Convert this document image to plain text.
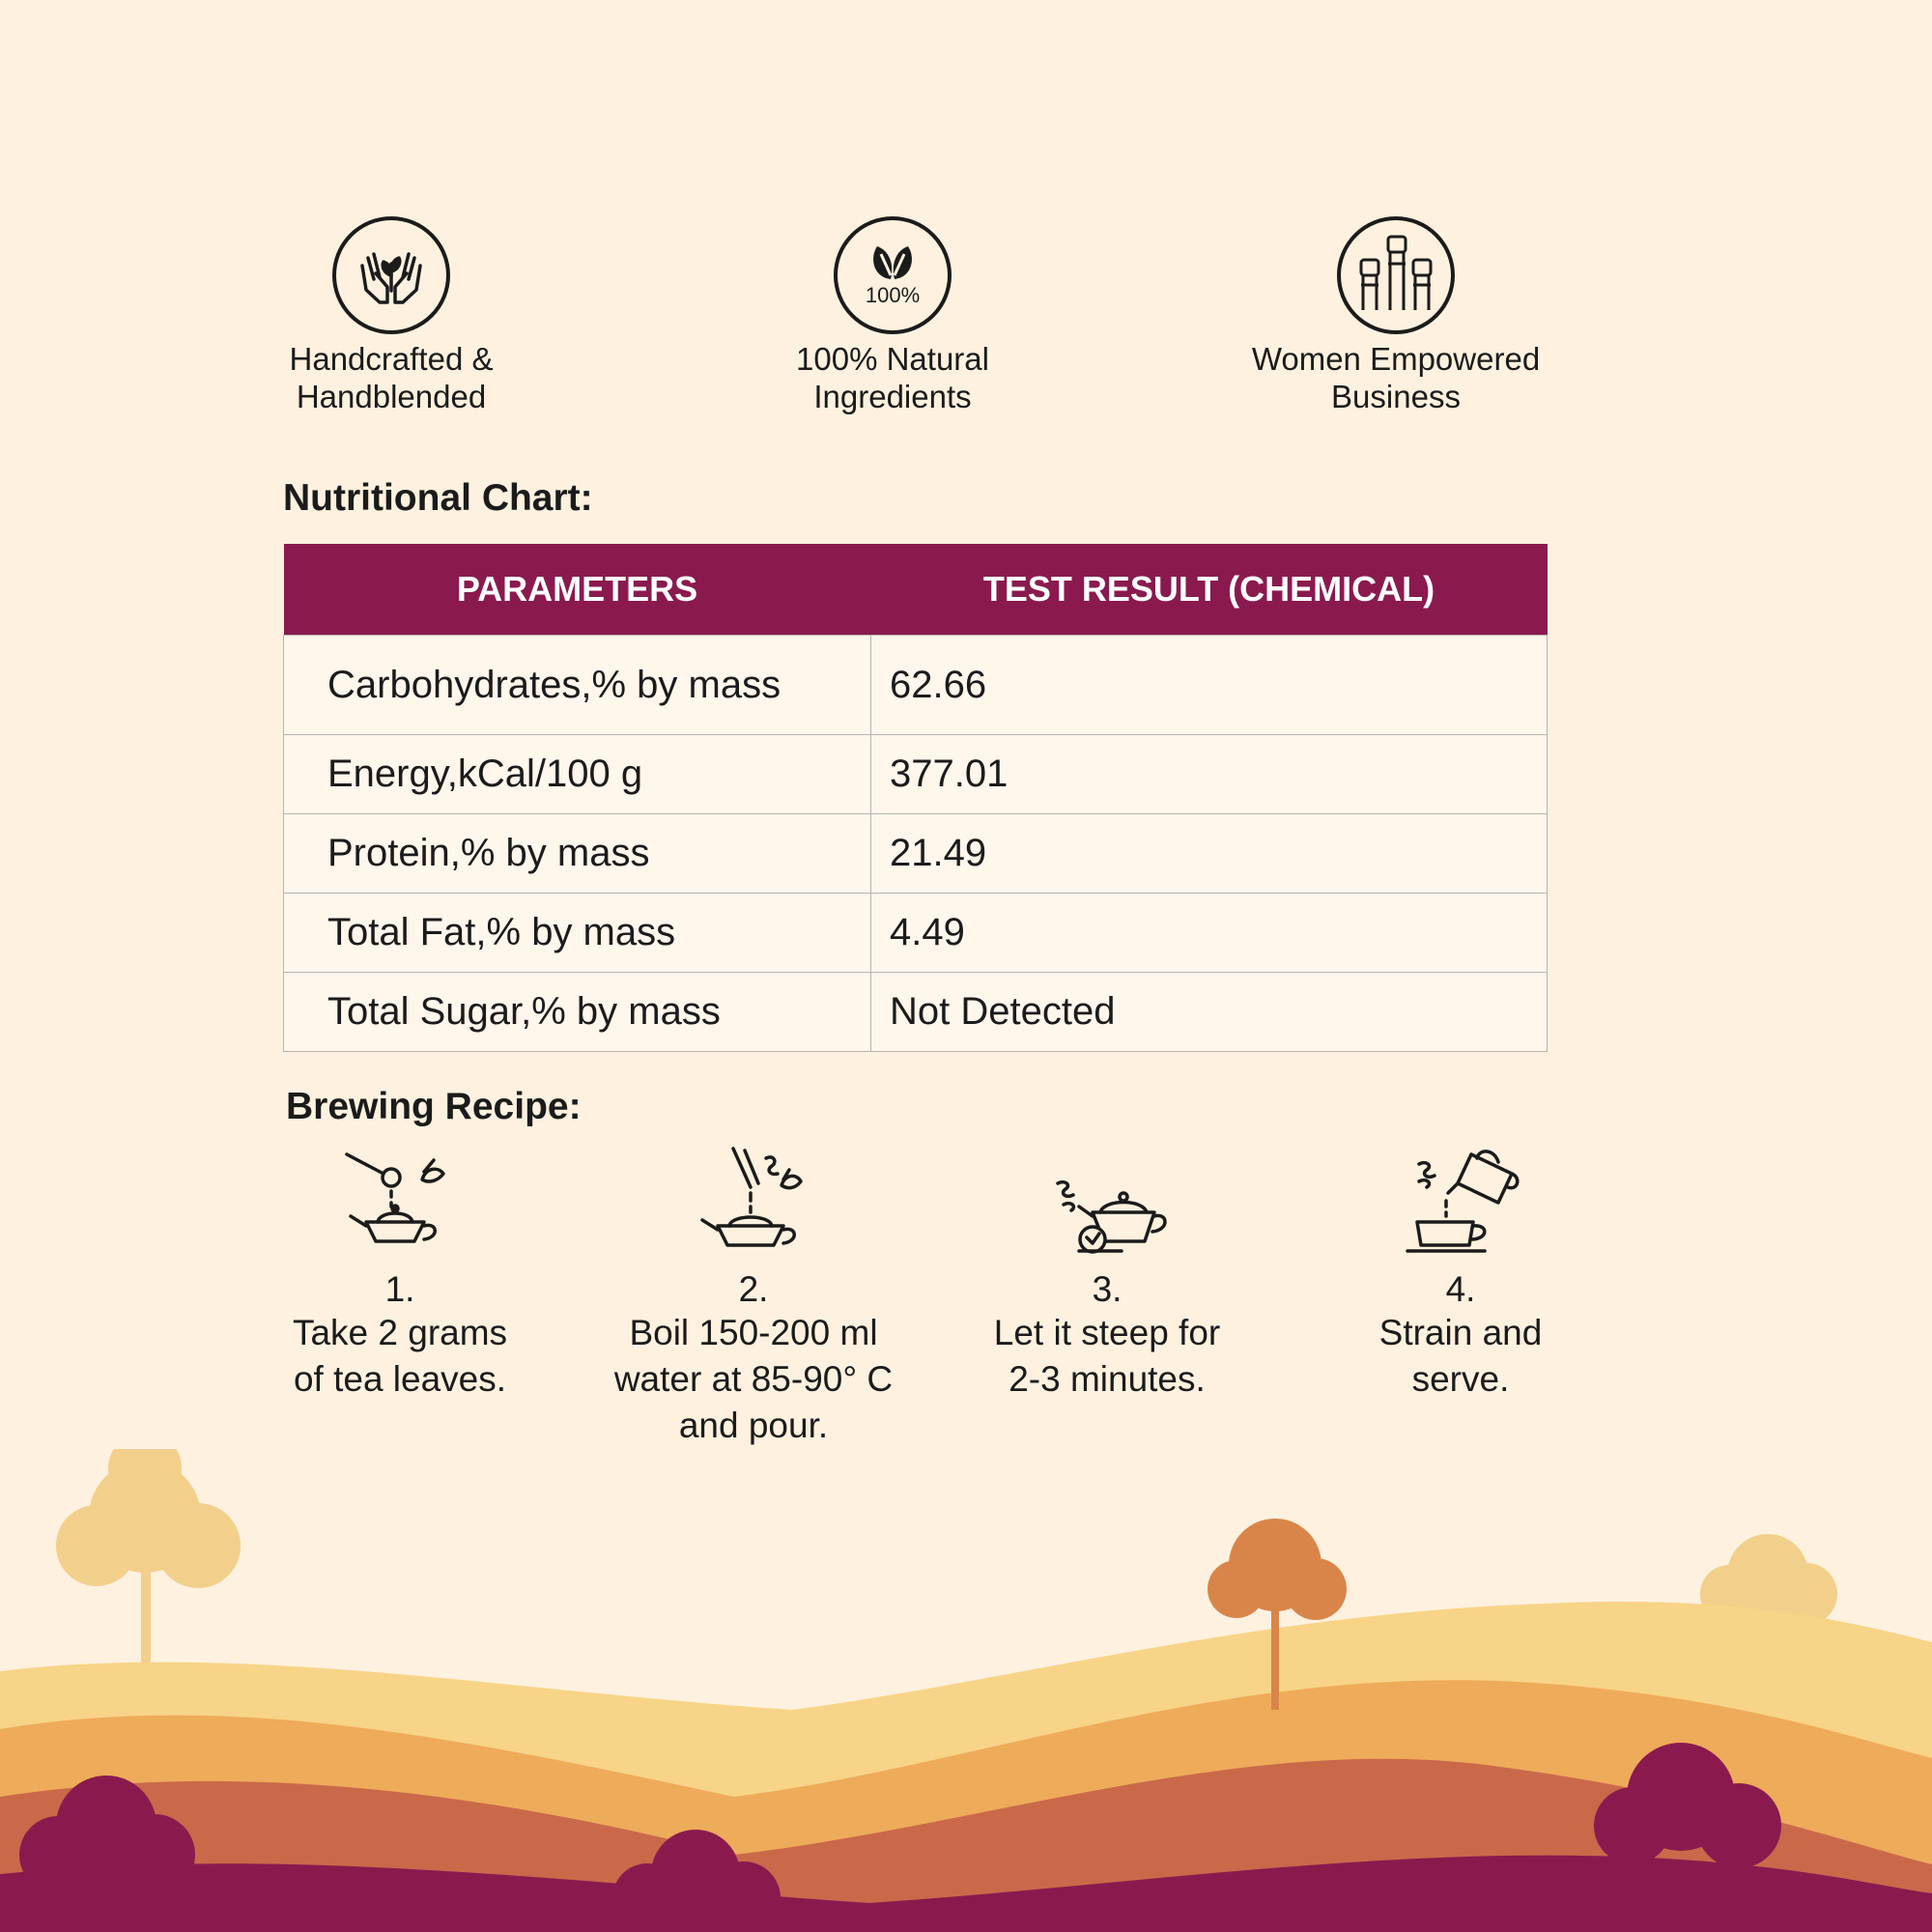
Handcrafted &
Handblended
100%
100% Natural
Ingredients
Women Empowered
Business
Nutritional Chart:
PARAMETERS	TEST RESULT (CHEMICAL)
Carbohydrates,% by mass	62.66
Energy,kCal/100 g	377.01
Protein,% by mass	21.49
Total Fat,% by mass	4.49
Total Sugar,% by mass	Not Detected
Brewing Recipe:
1.
Take 2 grams
of tea leaves.
2.
Boil 150-200 ml
water at 85-90° C
and pour.
3.
Let it steep for
2-3 minutes.
4.
Strain and
serve.
